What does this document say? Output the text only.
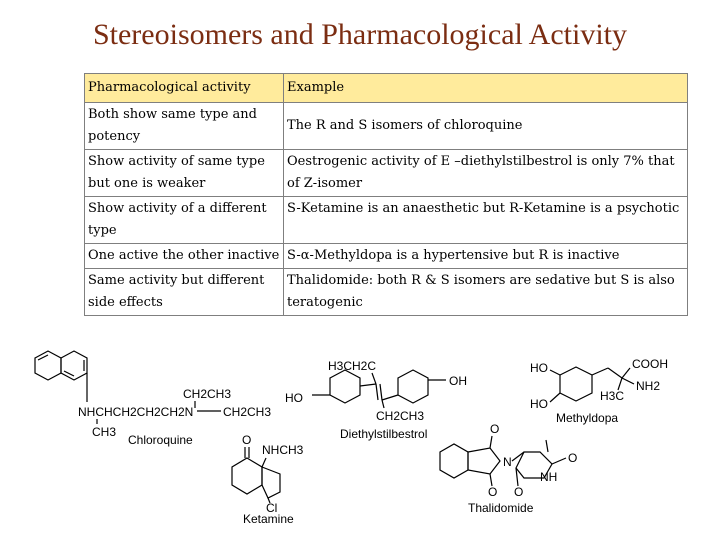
Stereoisomers and Pharmacological Activity
Pharmacological activity	Example
Both show same type and potency	The R and S isomers of chloroquine
Show activity of same type but one is weaker	Oestrogenic activity of E –diethylstilbestrol is only 7% that of Z-isomer
Show activity of a different type	S-Ketamine is an anaesthetic but R-Ketamine is a psychotic
One active the other inactive	S-α-Methyldopa is a hypertensive but R is inactive
Same activity but different side effects	Thalidomide: both R & S isomers are sedative but S is also teratogenic
CH2CH3
NHCHCH2CH2CH2N CH2CH3
CH3
Chloroquine	O
NHCH3
Cl
Ketamine
H3CH2C
HO
OH
CH2CH3
Diethylstilbestrol
HO	COOH
NH2
H3C
HO
Methyldopa
O
N
O O
NH
O
Thalidomide
